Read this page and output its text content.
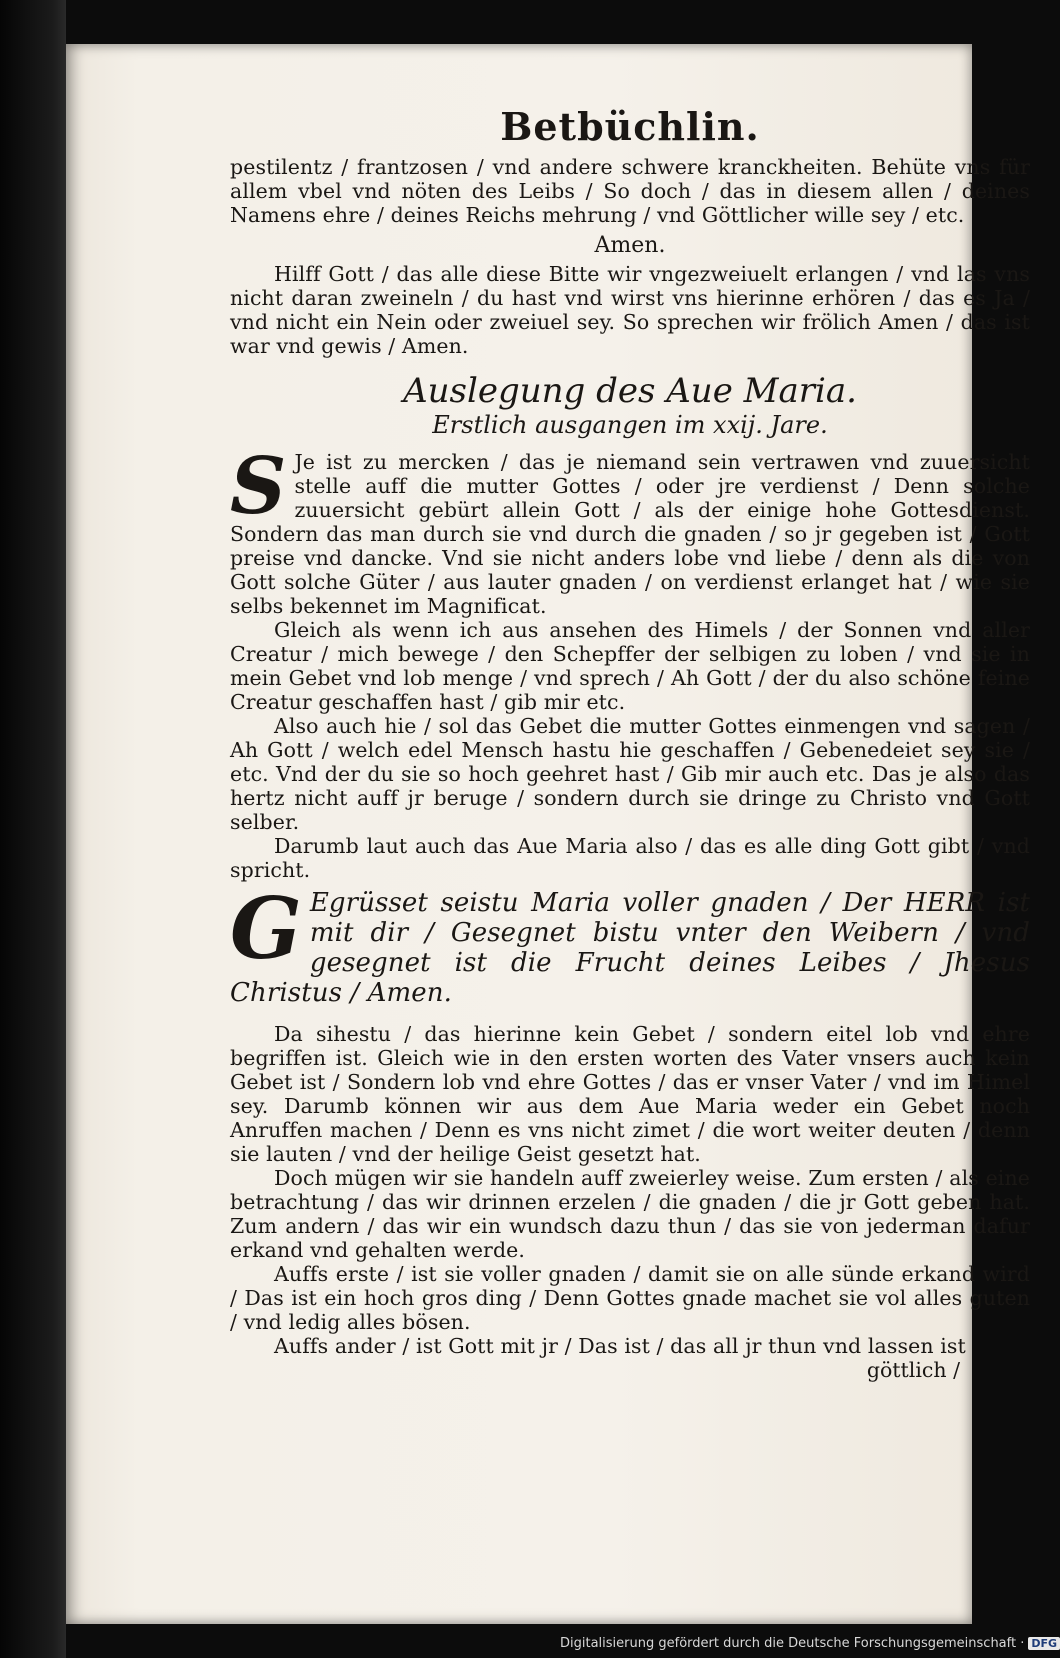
Betbüchlin.

pestilentz / frantzosen / vnd andere schwere kranckheiten. Behüte vns für allem vbel vnd nöten des Leibs / So doch / das in diesem allen / deines Namens ehre / deines Reichs mehrung / vnd Göttlicher wille sey / etc.

Amen.

Hilff Gott / das alle diese Bitte wir vngezweiuelt erlangen / vnd las vns nicht daran zweineln / du hast vnd wirst vns hierinne erhören / das es Ja / vnd nicht ein Nein oder zweiuel sey. So sprechen wir frölich Amen / das ist war vnd gewis / Amen.

Auslegung des Aue Maria.
Erstlich ausgangen im xxij. Jare.

S Je ist zu mercken / das je niemand sein vertrawen vnd zuuersicht stelle auff die mutter Gottes / oder jre verdienst / Denn solche zuuersicht gebürt allein Gott / als der einige hohe Gottesdienst. Sondern das man durch sie vnd durch die gnaden / so jr gegeben ist / Gott preise vnd dancke. Vnd sie nicht anders lobe vnd liebe / denn als die von Gott solche Güter / aus lauter gnaden / on verdienst erlanget hat / wie sie selbs bekennet im Magnificat.

Gleich als wenn ich aus ansehen des Himels / der Sonnen vnd aller Creatur / mich bewege / den Schepffer der selbigen zu loben / vnd sie in mein Gebet vnd lob menge / vnd sprech / Ah Gott / der du also schöne feine Creatur geschaffen hast / gib mir etc.

Also auch hie / sol das Gebet die mutter Gottes einmengen vnd sagen / Ah Gott / welch edel Mensch hastu hie geschaffen / Gebenedeiet sey sie / etc. Vnd der du sie so hoch geehret hast / Gib mir auch etc. Das je also das hertz nicht auff jr beruge / sondern durch sie dringe zu Christo vnd Gott selber.

Darumb laut auch das Aue Maria also / das es alle ding Gott gibt / vnd spricht.

G Egrüsset seistu Maria voller gnaden / Der HERR ist mit dir / Gesegnet bistu vnter den Weibern / vnd gesegnet ist die Frucht deines Leibes / Jhesus Christus / Amen.

Da sihestu / das hierinne kein Gebet / sondern eitel lob vnd ehre begriffen ist. Gleich wie in den ersten worten des Vater vnsers auch kein Gebet ist / Sondern lob vnd ehre Gottes / das er vnser Vater / vnd im Himel sey. Darumb können wir aus dem Aue Maria weder ein Gebet noch Anruffen machen / Denn es vns nicht zimet / die wort weiter deuten / denn sie lauten / vnd der heilige Geist gesetzt hat.

Doch mügen wir sie handeln auff zweierley weise. Zum ersten / als eine betrachtung / das wir drinnen erzelen / die gnaden / die jr Gott geben hat. Zum andern / das wir ein wundsch dazu thun / das sie von jederman dafur erkand vnd gehalten werde.

Auffs erste / ist sie voller gnaden / damit sie on alle sünde erkand wird / Das ist ein hoch gros ding / Denn Gottes gnade machet sie vol alles guten / vnd ledig alles bösen.

Auffs ander / ist Gott mit jr / Das ist / das all jr thun vnd lassen ist

göttlich /
Digitalisierung gefördert durch die Deutsche Forschungsgemeinschaft · DFG
